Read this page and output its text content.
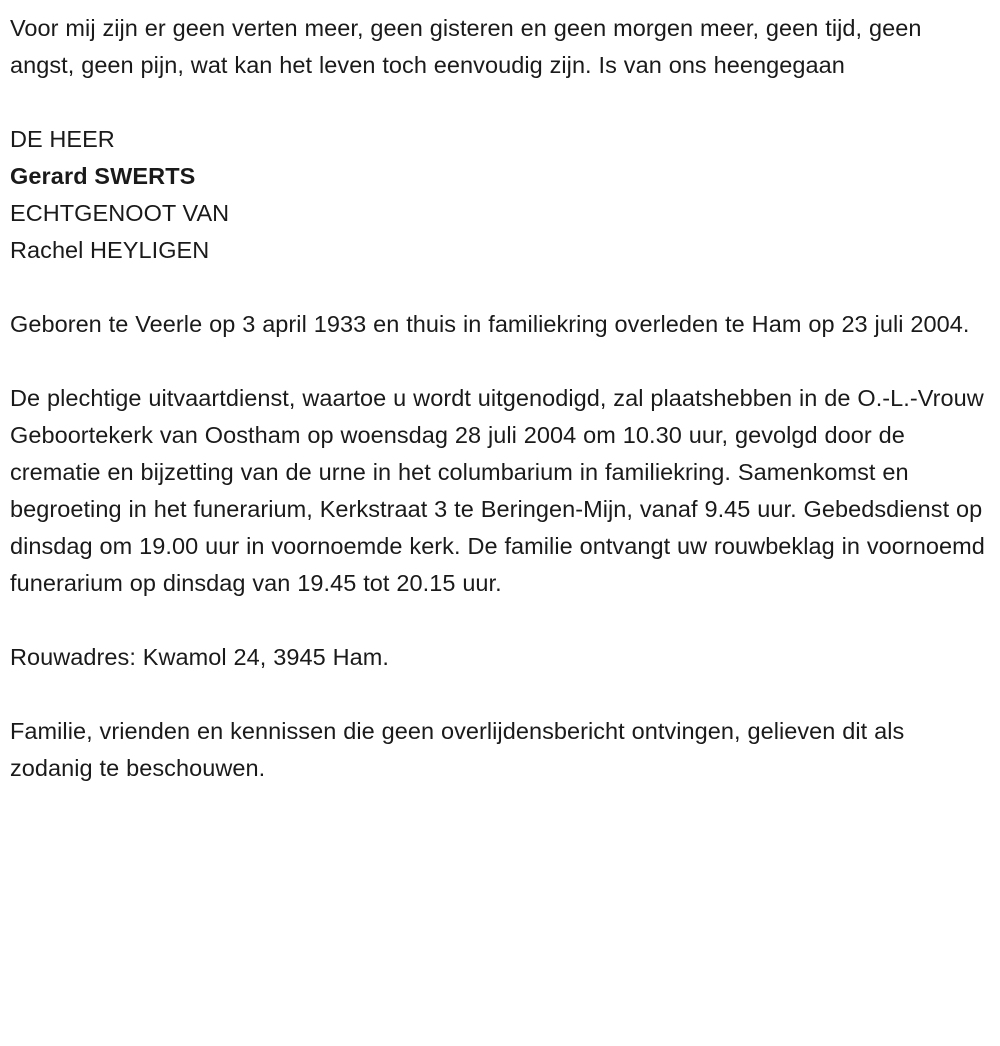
Voor mij zijn er geen verten meer, geen gisteren en geen morgen meer, geen tijd, geen angst, geen pijn, wat kan het leven toch eenvoudig zijn. Is van ons heengegaan

DE HEER
Gerard SWERTS
ECHTGENOOT VAN
Rachel HEYLIGEN

Geboren te Veerle op 3 april 1933 en thuis in familiekring overleden te Ham op 23 juli 2004.

De plechtige uitvaartdienst, waartoe u wordt uitgenodigd, zal plaatshebben in de O.-L.-Vrouw Geboortekerk van Oostham op woensdag 28 juli 2004 om 10.30 uur, gevolgd door de crematie en bijzetting van de urne in het columbarium in familiekring. Samenkomst en begroeting in het funerarium, Kerkstraat 3 te Beringen-Mijn, vanaf 9.45 uur. Gebedsdienst op dinsdag om 19.00 uur in voornoemde kerk. De familie ontvangt uw rouwbeklag in voornoemd funerarium op dinsdag van 19.45 tot 20.15 uur.

Rouwadres: Kwamol 24, 3945 Ham.

Familie, vrienden en kennissen die geen overlijdensbericht ontvingen, gelieven dit als zodanig te beschouwen.
